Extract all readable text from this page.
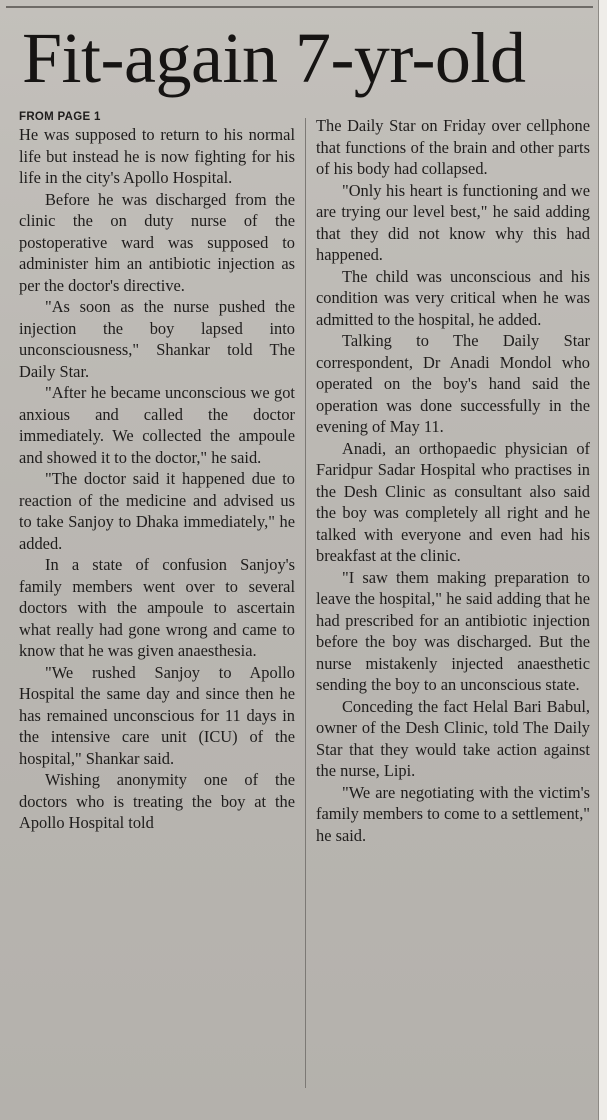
Fit-again 7-yr-old
FROM PAGE 1

He was supposed to return to his normal life but instead he is now fighting for his life in the city's Apollo Hospital.

Before he was discharged from the clinic the on duty nurse of the postoperative ward was supposed to administer him an antibiotic injection as per the doctor's directive.

"As soon as the nurse pushed the injection the boy lapsed into unconsciousness," Shankar told The Daily Star.

"After he became unconscious we got anxious and called the doctor immediately. We collected the ampoule and showed it to the doctor," he said.

"The doctor said it happened due to reaction of the medicine and advised us to take Sanjoy to Dhaka immediately," he added.

In a state of confusion Sanjoy's family members went over to several doctors with the ampoule to ascertain what really had gone wrong and came to know that he was given anaesthesia.

"We rushed Sanjoy to Apollo Hospital the same day and since then he has remained unconscious for 11 days in the intensive care unit (ICU) of the hospital," Shankar said.

Wishing anonymity one of the doctors who is treating the boy at the Apollo Hospital told

The Daily Star on Friday over cellphone that functions of the brain and other parts of his body had collapsed.

"Only his heart is functioning and we are trying our level best," he said adding that they did not know why this had happened.

The child was unconscious and his condition was very critical when he was admitted to the hospital, he added.

Talking to The Daily Star correspondent, Dr Anadi Mondol who operated on the boy's hand said the operation was done successfully in the evening of May 11.

Anadi, an orthopaedic physician of Faridpur Sadar Hospital who practises in the Desh Clinic as consultant also said the boy was completely all right and he talked with everyone and even had his breakfast at the clinic.

"I saw them making preparation to leave the hospital," he said adding that he had prescribed for an antibiotic injection before the boy was discharged. But the nurse mistakenly injected anaesthetic sending the boy to an unconscious state.

Conceding the fact Helal Bari Babul, owner of the Desh Clinic, told The Daily Star that they would take action against the nurse, Lipi.

"We are negotiating with the victim's family members to come to a settlement," he said.
